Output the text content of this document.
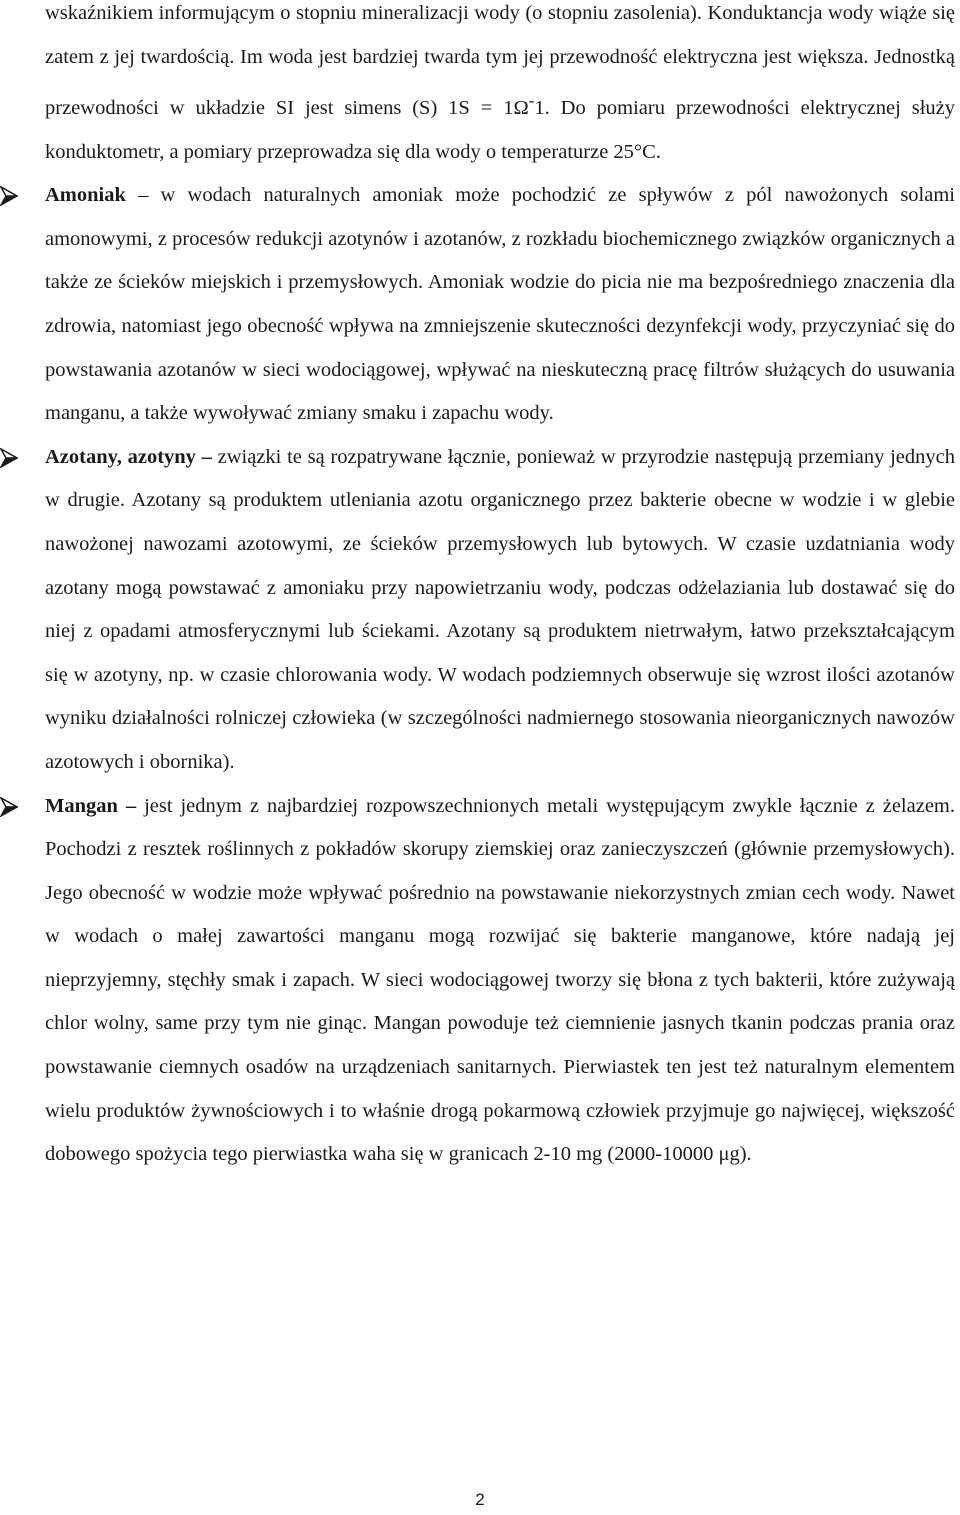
wskaźnikiem informującym o stopniu mineralizacji wody (o stopniu zasolenia). Konduktancja wody wiąże się zatem z jej twardością. Im woda jest bardziej twarda tym jej przewodność elektryczna jest większa. Jednostką przewodności w układzie SI jest simens (S) 1S = 1Ω-1. Do pomiaru przewodności elektrycznej służy konduktometr, a pomiary przeprowadza się dla wody o temperaturze 25°C.

Amoniak – w wodach naturalnych amoniak może pochodzić ze spływów z pól nawożonych solami amonowymi, z procesów redukcji azotynów i azotanów, z rozkładu biochemicznego związków organicznych a także ze ścieków miejskich i przemysłowych. Amoniak wodzie do picia nie ma bezpośredniego znaczenia dla zdrowia, natomiast jego obecność wpływa na zmniejszenie skuteczności dezynfekcji wody, przyczyniać się do powstawania azotanów w sieci wodociągowej, wpływać na nieskuteczną pracę filtrów służących do usuwania manganu, a także wywoływać zmiany smaku i zapachu wody.

Azotany, azotyny – związki te są rozpatrywane łącznie, ponieważ w przyrodzie następują przemiany jednych w drugie. Azotany są produktem utleniania azotu organicznego przez bakterie obecne w wodzie i w glebie nawożonej nawozami azotowymi, ze ścieków przemysłowych lub bytowych. W czasie uzdatniania wody azotany mogą powstawać z amoniaku przy napowietrzaniu wody, podczas odżelaziania lub dostawać się do niej z opadami atmosferycznymi lub ściekami. Azotany są produktem nietrwałym, łatwo przekształcającym się w azotyny, np. w czasie chlorowania wody. W wodach podziemnych obserwuje się wzrost ilości azotanów wyniku działalności rolniczej człowieka (w szczególności nadmiernego stosowania nieorganicznych nawozów azotowych i obornika).

Mangan – jest jednym z najbardziej rozpowszechnionych metali występującym zwykle łącznie z żelazem. Pochodzi z resztek roślinnych z pokładów skorupy ziemskiej oraz zanieczyszczeń (głównie przemysłowych). Jego obecność w wodzie może wpływać pośrednio na powstawanie niekorzystnych zmian cech wody. Nawet w wodach o małej zawartości manganu mogą rozwijać się bakterie manganowe, które nadają jej nieprzyjemny, stęchły smak i zapach. W sieci wodociągowej tworzy się błona z tych bakterii, które zużywają chlor wolny, same przy tym nie ginąc. Mangan powoduje też ciemnienie jasnych tkanin podczas prania oraz powstawanie ciemnych osadów na urządzeniach sanitarnych. Pierwiastek ten jest też naturalnym elementem wielu produktów żywnościowych i to właśnie drogą pokarmową człowiek przyjmuje go najwięcej, większość dobowego spożycia tego pierwiastka waha się w granicach 2-10 mg (2000-10000 μg).

2
